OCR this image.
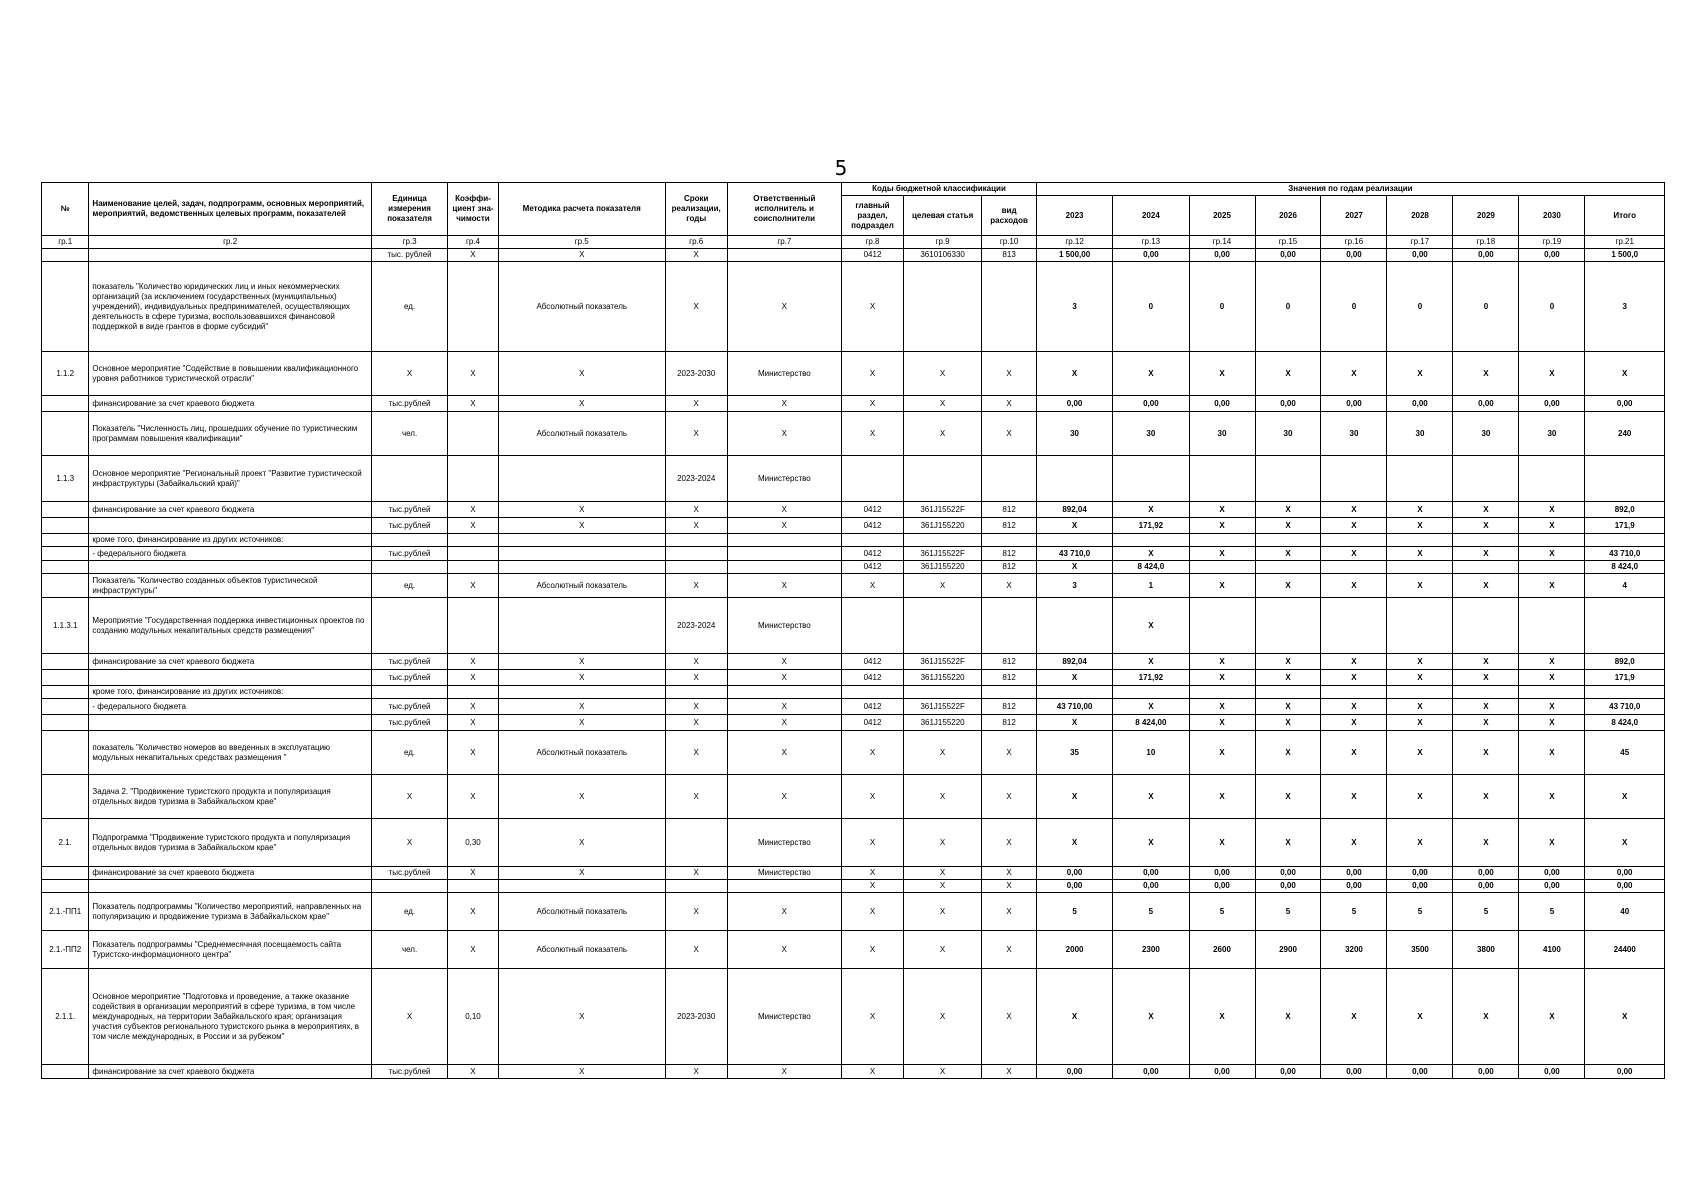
5
№	Наименование целей, задач, подпрограмм, основных мероприятий, мероприятий, ведомственных целевых программ, показателей	Единица измерения показателя	Коэффи-циент зна-чимости	Методика расчета показателя	Сроки реализации, годы	Ответственный исполнитель и соисполнители	Коды бюджетной классификации			Значения по годам реализации								
							главный раздел, подраздел	целевая статья	вид расходов	2023	2024	2025	2026	2027	2028	2029	2030	Итого
гр.1	гр.2	гр.3	гр.4	гр.5	гр.6	гр.7	гр.8	гр.9	гр.10	гр.12	гр.13	гр.14	гр.15	гр.16	гр.17	гр.18	гр.19	гр.21
		тыс. рублей	Х	Х	Х		0412	3610106330	813	1 500,00	0,00	0,00	0,00	0,00	0,00	0,00	0,00	1 500,0
	показатель "Количество юридических лиц и иных некоммерческих организаций (за исключением государственных (муниципальных) учреждений), индивидуальных предпринимателей, осуществляющих деятельность в сфере туризма, воспользовавшихся финансовой поддержкой в виде грантов в форме субсидий"	ед.		Абсолютный показатель	Х	Х	Х			3	0	0	0	0	0	0	0	3
1.1.2	Основное мероприятие "Содействие в повышении квалификационного уровня работников туристической отрасли"	Х	Х	Х	2023-2030	Министерство	Х	Х	Х	Х	Х	Х	Х	Х	Х	Х	Х	Х
	финансирование за счет краевого бюджета	тыс.рублей	Х	Х	Х	Х	Х	Х	Х	0,00	0,00	0,00	0,00	0,00	0,00	0,00	0,00	0,00
	Показатель "Численность лиц, прошедших обучение по туристическим программам повышения квалификации"	чел.		Абсолютный показатель	Х	Х	Х	Х	Х	30	30	30	30	30	30	30	30	240
1.1.3	Основное мероприятие "Региональный проект "Развитие туристической инфраструктуры (Забайкальский край)"				2023-2024	Министерство												
	финансирование за счет краевого бюджета	тыс.рублей	Х	Х	Х	Х	0412	361J15522F	812	892,04	Х	Х	Х	Х	Х	Х	Х	892,0
		тыс.рублей	Х	Х	Х	Х	0412	361J155220	812	Х	171,92	Х	Х	Х	Х	Х	Х	171,9
	кроме того, финансирование из других источников:																	
	- федерального бюджета	тыс.рублей					0412	361J15522F	812	43 710,0	Х	Х	Х	Х	Х	Х	Х	43 710,0
							0412	361J155220	812	Х	8 424,0							8 424,0
	Показатель "Количество созданных объектов туристической инфраструктуры"	ед.	Х	Абсолютный показатель	Х	Х	Х	Х	Х	3	1	Х	Х	Х	Х	Х	Х	4
1.1.3.1	Мероприятие "Государственная поддержка инвестиционных проектов по созданию модульных некапитальных средств размещения"				2023-2024	Министерство					Х							
	финансирование за счет краевого бюджета	тыс.рублей	Х	Х	Х	Х	0412	361J15522F	812	892,04	Х	Х	Х	Х	Х	Х	Х	892,0
		тыс.рублей	Х	Х	Х	Х	0412	361J155220	812	Х	171,92	Х	Х	Х	Х	Х	Х	171,9
	кроме того, финансирование из других источников:																	
	- федерального бюджета	тыс.рублей	Х	Х	Х	Х	0412	361J15522F	812	43 710,00	Х	Х	Х	Х	Х	Х	Х	43 710,0
		тыс.рублей	Х	Х	Х	Х	0412	361J155220	812	Х	8 424,00	Х	Х	Х	Х	Х	Х	8 424,0
	показатель "Количество номеров во введенных в эксплуатацию модульных некапитальных средствах размещения "	ед.	Х	Абсолютный показатель	Х	Х	Х	Х	Х	35	10	Х	Х	Х	Х	Х	Х	45
	Задача 2. "Продвижение туристского продукта и популяризация отдельных видов туризма в Забайкальском крае"	Х	Х	Х	Х	Х	Х	Х	Х	Х	Х	Х	Х	Х	Х	Х	Х	Х
2.1.	Подпрограмма "Продвижение туристского продукта и популяризация отдельных видов туризма в Забайкальском крае"	Х	0,30	Х		Министерство	Х	Х	Х	Х	Х	Х	Х	Х	Х	Х	Х	Х
	финансирование за счет краевого бюджета	тыс.рублей	Х	Х	Х	Министерство	Х	Х	Х	0,00	0,00	0,00	0,00	0,00	0,00	0,00	0,00	0,00
							Х	Х	Х	0,00	0,00	0,00	0,00	0,00	0,00	0,00	0,00	0,00
2.1.-ПП1	Показатель подпрограммы "Количество мероприятий, направленных на популяризацию и продвижение туризма в Забайкальском крае"	ед.	Х	Абсолютный показатель	Х	Х	Х	Х	Х	5	5	5	5	5	5	5	5	40
2.1.-ПП2	Показатель подпрограммы "Среднемесячная посещаемость сайта Туристско-информационного центра"	чел.	Х	Абсолютный показатель	Х	Х	Х	Х	Х	2000	2300	2600	2900	3200	3500	3800	4100	24400
2.1.1.	Основное мероприятие "Подготовка и проведение, а также оказание содействия в организации мероприятий в сфере туризма, в том числе международных, на территории Забайкальского края; организация участия субъектов регионального туристского рынка в мероприятиях, в том числе международных, в России и за рубежом"	Х	0,10	Х	2023-2030	Министерство	Х	Х	Х	Х	Х	Х	Х	Х	Х	Х	Х	Х
	финансирование за счет краевого бюджета	тыс.рублей	Х	Х	Х	Х	Х	Х	Х	0,00	0,00	0,00	0,00	0,00	0,00	0,00	0,00	0,00
